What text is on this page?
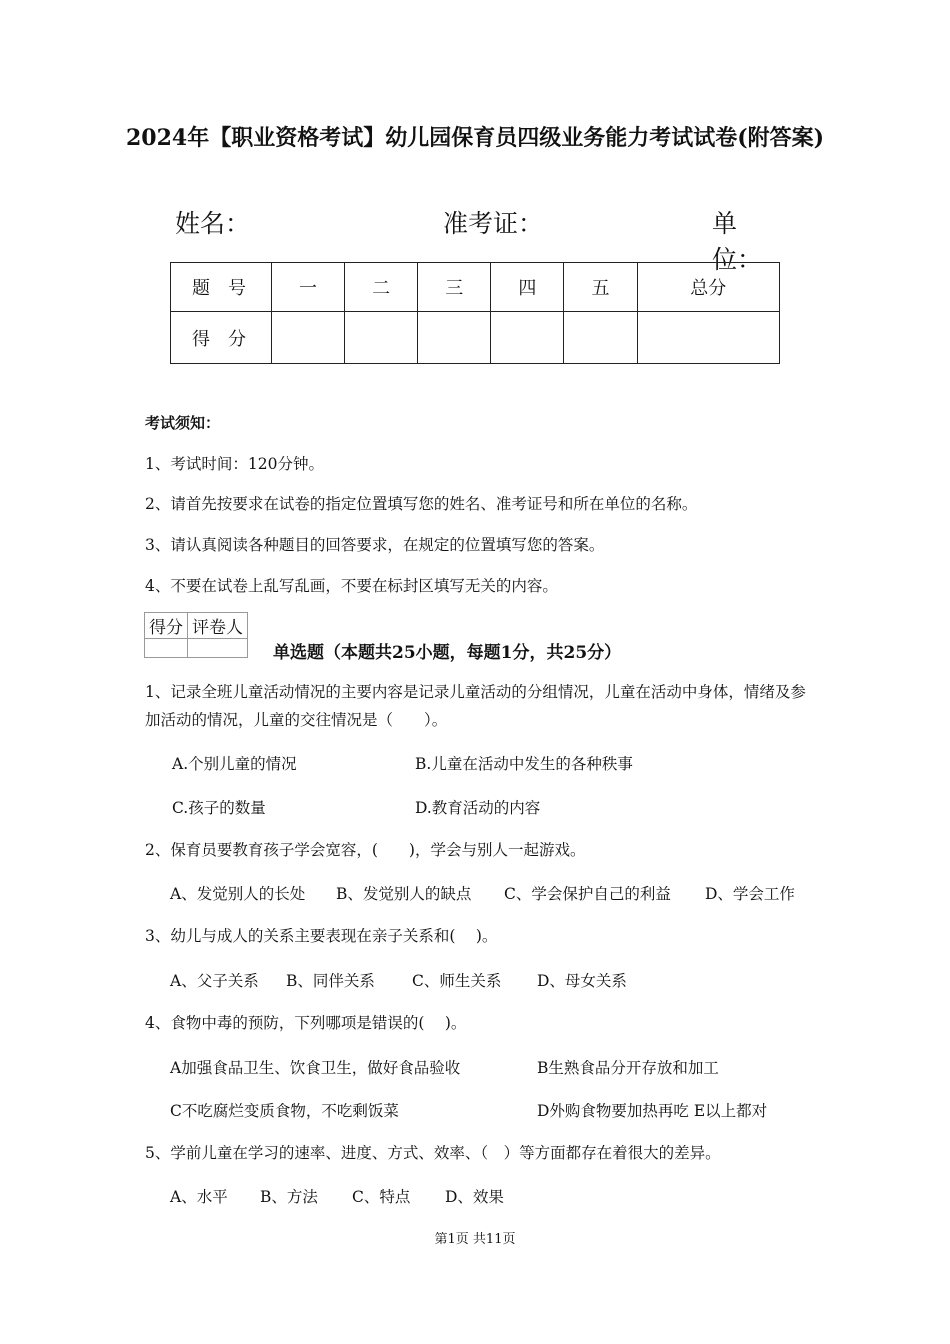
2024年【职业资格考试】幼儿园保育员四级业务能力考试试卷(附答案)
姓名：	准考证：	单位：
题号	一	二	三	四	五	总分
得分						
考试须知：
1、考试时间：120分钟。
2、请首先按要求在试卷的指定位置填写您的姓名、准考证号和所在单位的名称。
3、请认真阅读各种题目的回答要求，在规定的位置填写您的答案。
4、不要在试卷上乱写乱画，不要在标封区填写无关的内容。
得分	评卷人

单选题（本题共25小题，每题1分，共25分）
1、记录全班儿童活动情况的主要内容是记录儿童活动的分组情况，儿童在活动中身体，情绪及参加活动的情况，儿童的交往情况是（　　）。
A.个别儿童的情况	B.儿童在活动中发生的各种秩事
C.孩子的数量	D.教育活动的内容
2、保育员要教育孩子学会宽容，(　　)，学会与别人一起游戏。
A、发觉别人的长处 B、发觉别人的缺点 C、学会保护自己的利益 D、学会工作
3、幼儿与成人的关系主要表现在亲子关系和(　 )。
A、父子关系 B、同伴关系 C、师生关系 D、母女关系
4、食物中毒的预防，下列哪项是错误的(　 )。
A加强食品卫生、饮食卫生，做好食品验收	B生熟食品分开存放和加工
C不吃腐烂变质食物，不吃剩饭菜	D外购食物要加热再吃 E以上都对
5、学前儿童在学习的速率、进度、方式、效率、（　）等方面都存在着很大的差异。
A、水平 B、方法 C、特点 D、效果
第1页 共11页
